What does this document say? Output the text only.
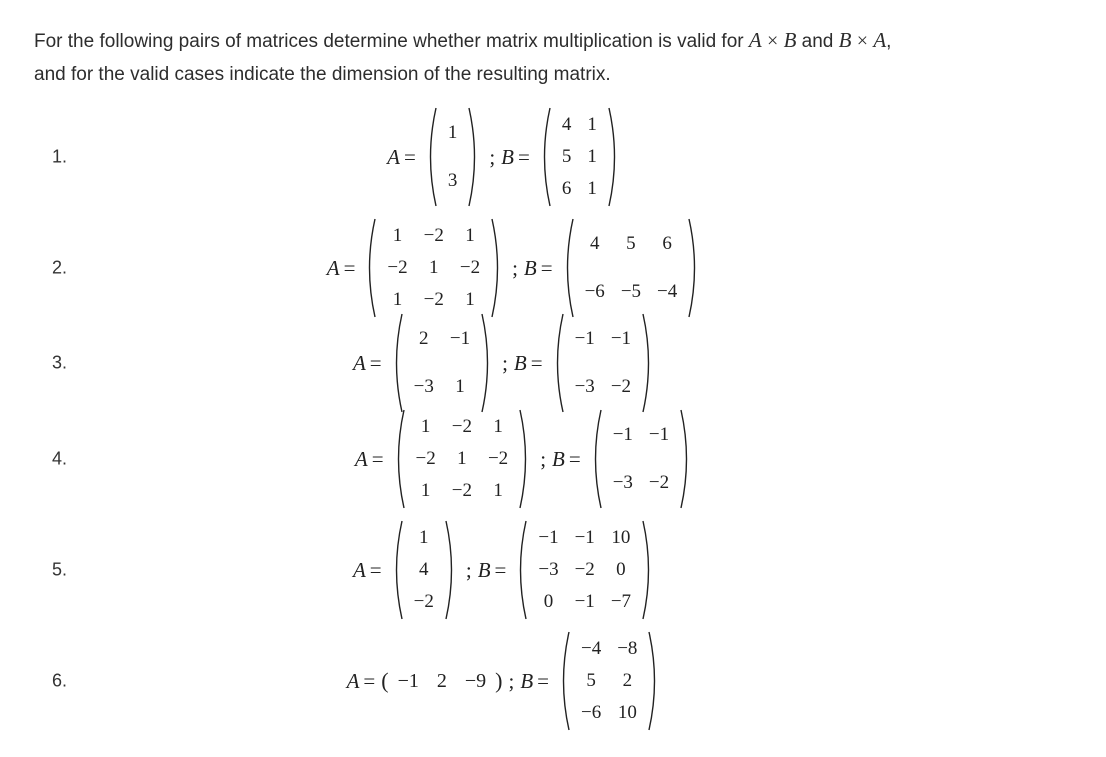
For the following pairs of matrices determine whether matrix multiplication is valid for A × B and B × A,
and for the valid cases indicate the dimension of the resulting matrix.
1.	A =
1
3
; B =
4 1
5 1
6 1
2.	A =
1	−2	1
−2	1	−2
1	−2	1
; B =
4	5	6
−6 −5 −4
3.	A =
2	−1
−3	1
; B =
−1 −1
−3 −2
4.	A =
1	−2	1
−2	1	−2
1	−2	1
; B =
−1 −1
−3 −2
5.	A =
1
4
−2
; B =
−1 −1 10
−3 −2	0
0	−1 −7
6.	A = ( −1 2 −9 ) ; B =
−4 −8
5	2
−6 10
